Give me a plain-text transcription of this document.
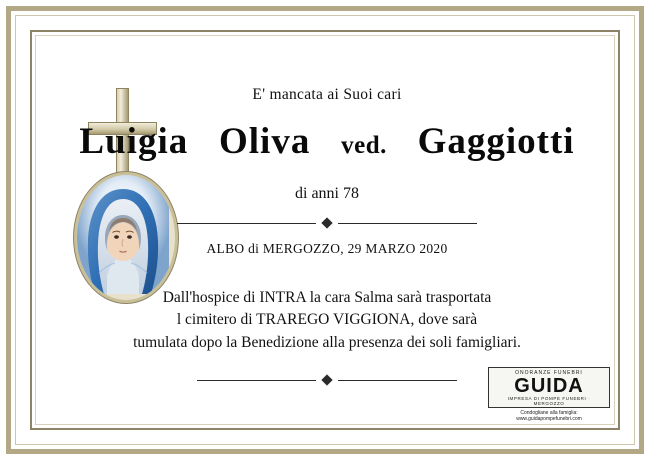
E' mancata ai Suoi cari
Luigia Oliva ved. Gaggiotti
di anni 78
ALBO di MERGOZZO, 29 MARZO 2020
Dall'hospice di INTRA la cara Salma sarà trasportata
l cimitero di TRAREGO VIGGIONA, dove sarà
tumulata dopo la Benedizione alla presenza dei soli famigliari.
ONORANZE FUNEBRI
GUIDA
IMPRESA DI POMPE FUNEBRI · MERGOZZO
Condogliane alla famiglia:
www.guidapompefunebri.com
